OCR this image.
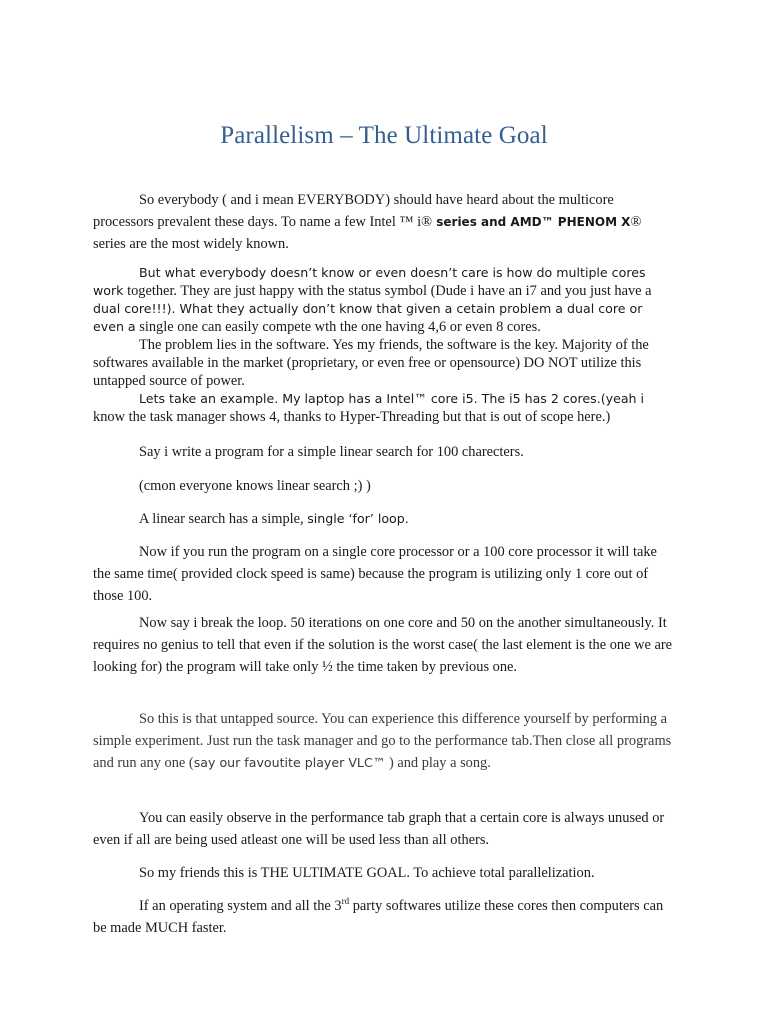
Parallelism – The Ultimate Goal

So everybody ( and i mean EVERYBODY) should have heard about the multicore processors prevalent these days. To name a few Intel ™ i® series and AMD™ PHENOM X® series are the most widely known.

But what everybody doesn’t know or even doesn’t care is how do multiple cores work together. They are just happy with the status symbol (Dude i have an i7 and you just have a dual core!!!). What they actually don’t know that given a cetain problem a dual core or even a single one can easily compete wth the one having 4,6 or even 8 cores.

The problem lies in the software. Yes my friends, the software is the key. Majority of the softwares available in the market (proprietary, or even free or opensource) DO NOT utilize this untapped source of power.

Lets take an example. My laptop has a Intel™ core i5. The i5 has 2 cores.(yeah i know the task manager shows 4, thanks to Hyper-Threading but that is out of scope here.)

Say i write a program for a simple linear search for 100 charecters.

(cmon everyone knows linear search ;) )

A linear search has a simple, single ‘for’ loop.

Now if you run the program on a single core processor or a 100 core processor it will take the same time( provided clock speed is same) because the program is utilizing only 1 core out of those 100.

Now say i break the loop. 50 iterations on one core and 50 on the another simultaneously. It requires no genius to tell that even if the solution is the worst case( the last element is the one we are looking for) the program will take only ½ the time taken by previous one.

So this is that untapped source. You can experience this difference yourself by performing a simple experiment. Just run the task manager and go to the performance tab.Then close all programs and run any one (say our favoutite player VLC™ ) and play a song.

You can easily observe in the performance tab graph that a certain core is always unused or even if all are being used atleast one will be used less than all others.

So my friends this is THE ULTIMATE GOAL. To achieve total parallelization.

If an operating system and all the 3rd party softwares utilize these cores then computers can be made MUCH faster.
